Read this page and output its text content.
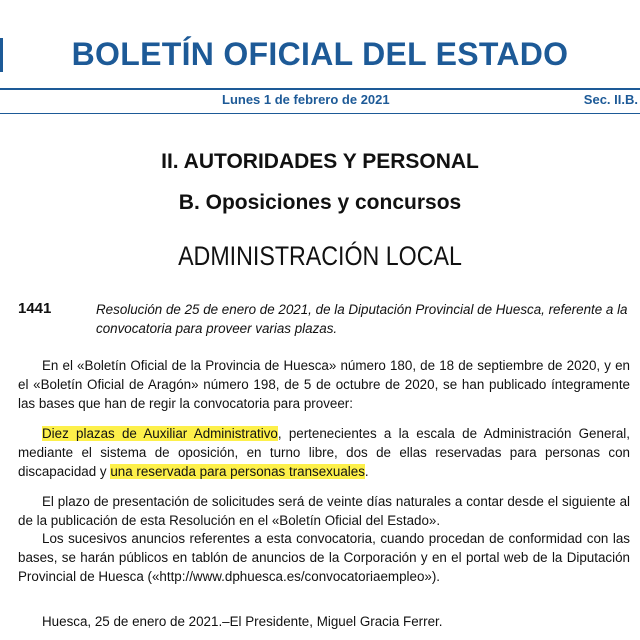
BOLETÍN OFICIAL DEL ESTADO
Lunes 1 de febrero de 2021	Sec. II.B.
II. AUTORIDADES Y PERSONAL
B. Oposiciones y concursos
ADMINISTRACIÓN LOCAL
1441	Resolución de 25 de enero de 2021, de la Diputación Provincial de Huesca, referente a la convocatoria para proveer varias plazas.
En el «Boletín Oficial de la Provincia de Huesca» número 180, de 18 de septiembre de 2020, y en el «Boletín Oficial de Aragón» número 198, de 5 de octubre de 2020, se han publicado íntegramente las bases que han de regir la convocatoria para proveer:
Diez plazas de Auxiliar Administrativo, pertenecientes a la escala de Administración General, mediante el sistema de oposición, en turno libre, dos de ellas reservadas para personas con discapacidad y una reservada para personas transexuales.
El plazo de presentación de solicitudes será de veinte días naturales a contar desde el siguiente al de la publicación de esta Resolución en el «Boletín Oficial del Estado».
Los sucesivos anuncios referentes a esta convocatoria, cuando procedan de conformidad con las bases, se harán públicos en tablón de anuncios de la Corporación y en el portal web de la Diputación Provincial de Huesca («http://www.dphuesca.es/convocatoriaempleo»).
Huesca, 25 de enero de 2021.–El Presidente, Miguel Gracia Ferrer.
